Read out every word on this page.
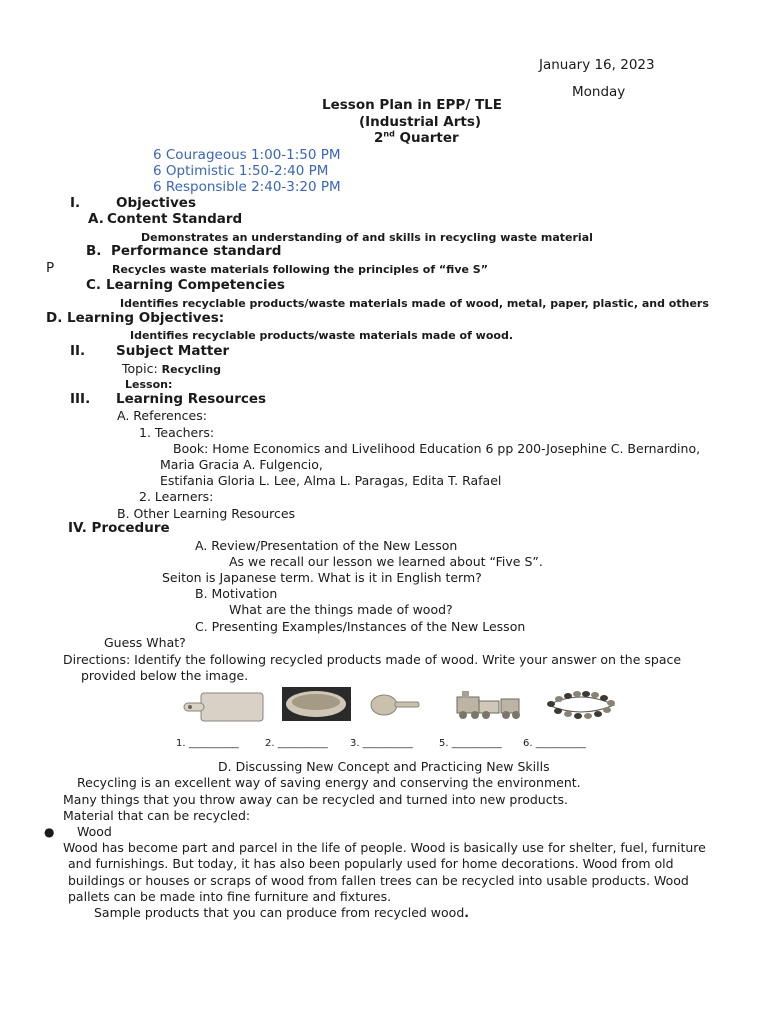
January 16, 2023
Monday
Lesson Plan in EPP/ TLE
(Industrial Arts)
2nd Quarter
6 Courageous 1:00-1:50 PM
6 Optimistic 1:50-2:40 PM
6 Responsible 2:40-3:20 PM
I.	Objectives
A. Content Standard
Demonstrates an understanding of and skills in recycling waste material
B. Performance standard
P	Recycles waste materials following the principles of “five S”
C. Learning Competencies
Identifies recyclable products/waste materials made of wood, metal, paper, plastic, and others
D. Learning Objectives:
Identifies recyclable products/waste materials made of wood.
II. Subject Matter
Topic: Recycling
Lesson:
III. Learning Resources
A. References:
1. Teachers:
Book: Home Economics and Livelihood Education 6 pp 200-Josephine C. Bernardino,
Maria Gracia A. Fulgencio,
Estifania Gloria L. Lee, Alma L. Paragas, Edita T. Rafael
2. Learners:
B. Other Learning Resources
IV. Procedure
A. Review/Presentation of the New Lesson
As we recall our lesson we learned about “Five S”.
Seiton is Japanese term. What is it in English term?
B. Motivation
What are the things made of wood?
C. Presenting Examples/Instances of the New Lesson
Guess What?
Directions: Identify the following recycled products made of wood. Write your answer on the space
provided below the image.
1. __________	2. __________ 3. __________	5. __________ 6. __________
D. Discussing New Concept and Practicing New Skills
Recycling is an excellent way of saving energy and conserving the environment.
Many things that you throw away can be recycled and turned into new products.
Material that can be recycled:
● Wood
Wood has become part and parcel in the life of people. Wood is basically use for shelter, fuel, furniture
and furnishings. But today, it has also been popularly used for home decorations. Wood from old
buildings or houses or scraps of wood from fallen trees can be recycled into usable products. Wood
pallets can be made into fine furniture and fixtures.
Sample products that you can produce from recycled wood.
